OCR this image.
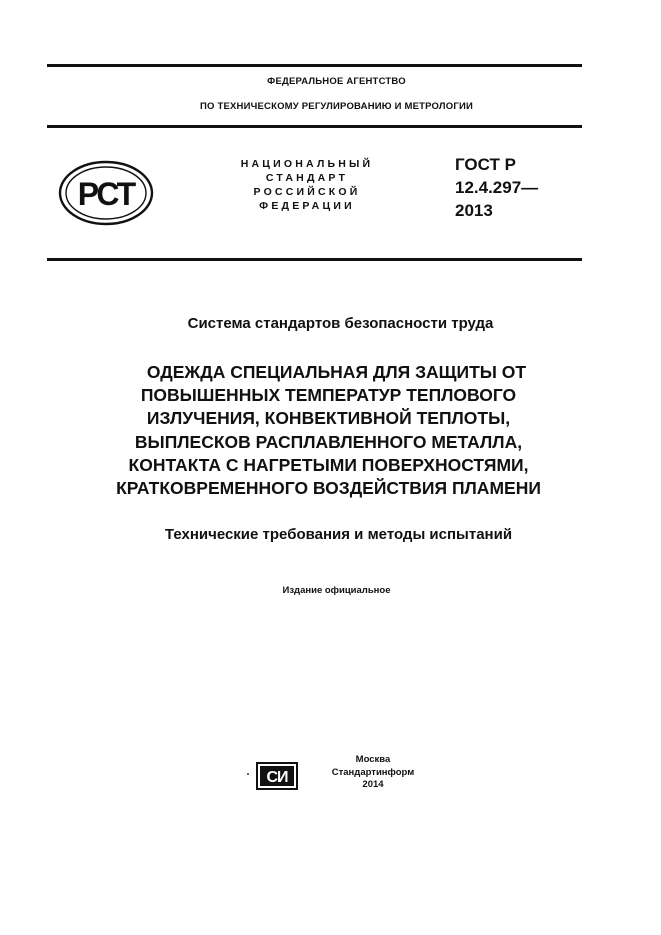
ФЕДЕРАЛЬНОЕ АГЕНТСТВО
ПО ТЕХНИЧЕСКОМУ РЕГУЛИРОВАНИЮ И МЕТРОЛОГИИ
РСТ
НАЦИОНАЛЬНЫЙ
СТАНДАРТ
РОССИЙСКОЙ
ФЕДЕРАЦИИ
ГОСТ Р
12.4.297—
2013
Система стандартов безопасности труда
ОДЕЖДА СПЕЦИАЛЬНАЯ ДЛЯ ЗАЩИТЫ ОТ
ПОВЫШЕННЫХ ТЕМПЕРАТУР ТЕПЛОВОГО
ИЗЛУЧЕНИЯ, КОНВЕКТИВНОЙ ТЕПЛОТЫ,
ВЫПЛЕСКОВ РАСПЛАВЛЕННОГО МЕТАЛЛА,
КОНТАКТА С НАГРЕТЫМИ ПОВЕРХНОСТЯМИ,
КРАТКОВРЕМЕННОГО ВОЗДЕЙСТВИЯ ПЛАМЕНИ
Технические требования и методы испытаний
Издание официальное
СИ
Москва
Стандартинформ
2014
